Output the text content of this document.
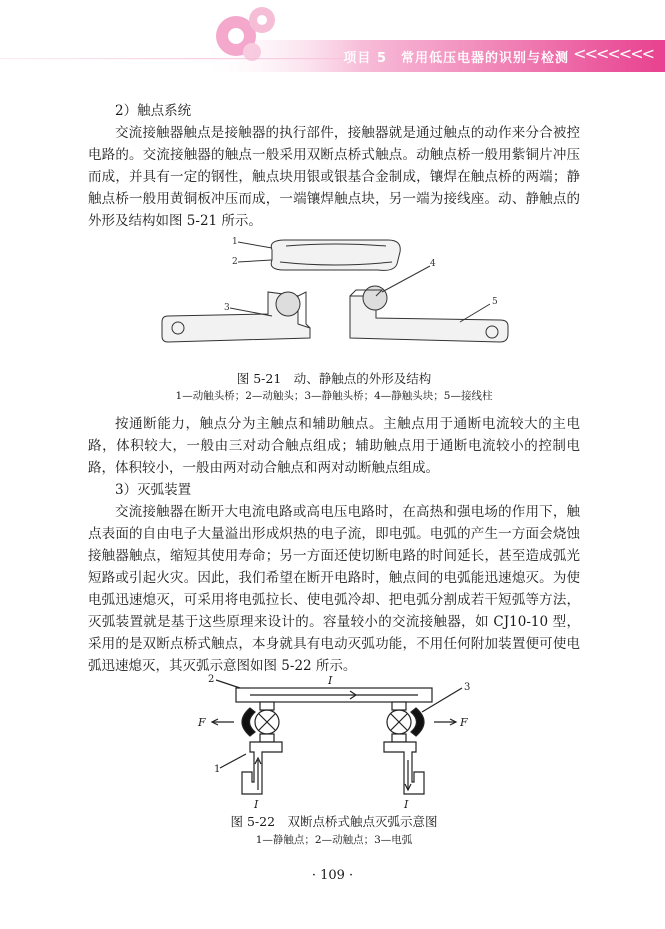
项目 5　常用低压电器的识别与检测 <<<<<<<
2）触点系统

交流接触器触点是接触器的执行部件，接触器就是通过触点的动作来分合被控电路的。交流接触器的触点一般采用双断点桥式触点。动触点桥一般用紫铜片冲压而成，并具有一定的钢性，触点块用银或银基合金制成，镶焊在触点桥的两端；静触点桥一般用黄铜板冲压而成，一端镶焊触点块，另一端为接线座。动、静触点的外形及结构如图 5-21 所示。

1
2
3
4
5
图 5-21　动、静触点的外形及结构
1—动触头桥；2—动触头；3—静触头桥；4—静触头块；5—接线柱

按通断能力，触点分为主触点和辅助触点。主触点用于通断电流较大的主电路，体积较大，一般由三对动合触点组成；辅助触点用于通断电流较小的控制电路，体积较小，一般由两对动合触点和两对动断触点组成。

3）灭弧装置

交流接触器在断开大电流电路或高电压电路时，在高热和强电场的作用下，触点表面的自由电子大量溢出形成炽热的电子流，即电弧。电弧的产生一方面会烧蚀接触器触点，缩短其使用寿命；另一方面还使切断电路的时间延长，甚至造成弧光短路或引起火灾。因此，我们希望在断开电路时，触点间的电弧能迅速熄灭。为使电弧迅速熄灭，可采用将电弧拉长、使电弧冷却、把电弧分割成若干短弧等方法，灭弧装置就是基于这些原理来设计的。容量较小的交流接触器，如 CJ10-10 型，采用的是双断点桥式触点，本身就具有电动灭弧功能，不用任何附加装置便可使电弧迅速熄灭，其灭弧示意图如图 5-22 所示。

2
3
1
I
I	I
F	F
图 5-22　双断点桥式触点灭弧示意图
1—静触点；2—动触点；3—电弧
· 109 ·
